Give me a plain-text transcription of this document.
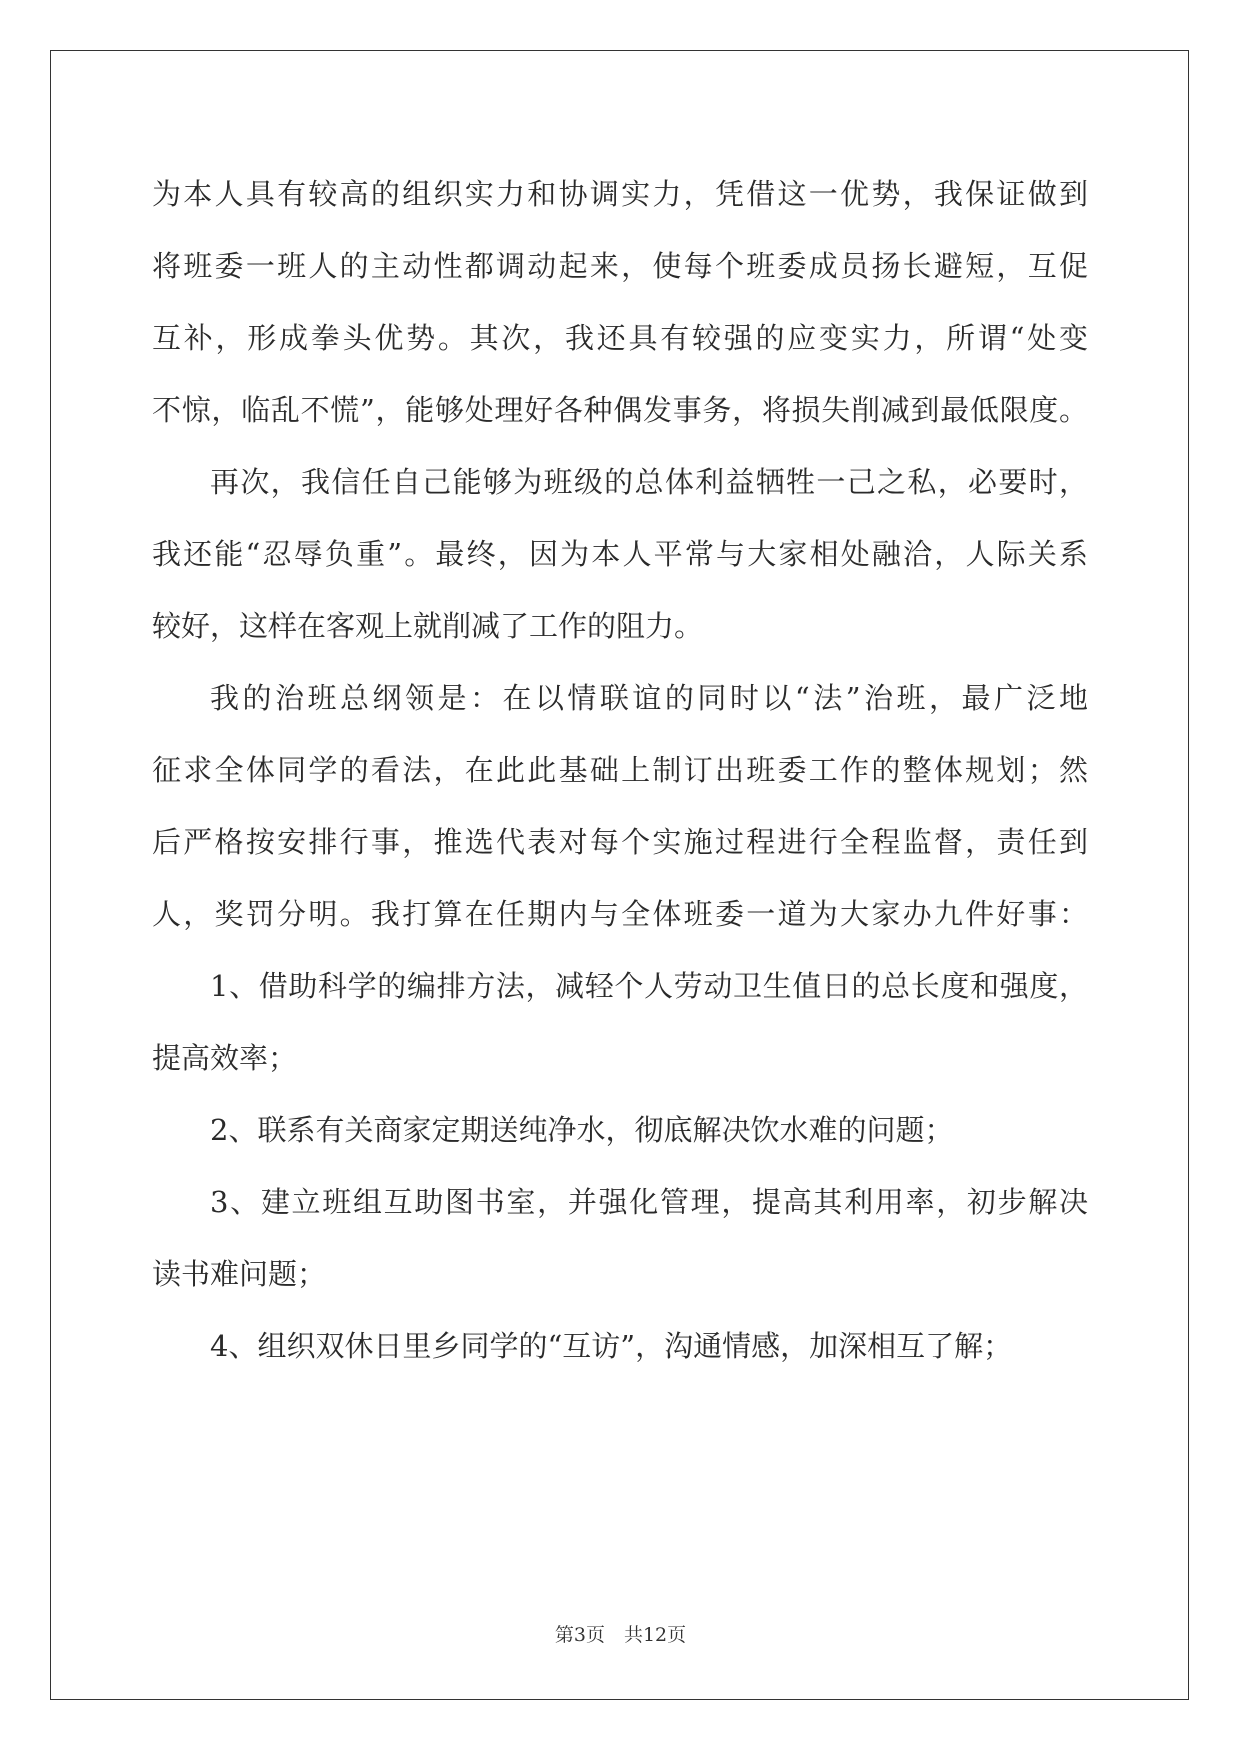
为本人具有较高的组织实力和协调实力，凭借这一优势，我保证做到
将班委一班人的主动性都调动起来，使每个班委成员扬长避短，互促
互补，形成拳头优势。其次，我还具有较强的应变实力，所谓“处变
不惊，临乱不慌”，能够处理好各种偶发事务，将损失削减到最低限度。
再次，我信任自己能够为班级的总体利益牺牲一己之私，必要时，
我还能“忍辱负重”。最终，因为本人平常与大家相处融洽，人际关系
较好，这样在客观上就削减了工作的阻力。
我的治班总纲领是：在以情联谊的同时以“法”治班，最广泛地
征求全体同学的看法，在此此基础上制订出班委工作的整体规划；然
后严格按安排行事，推选代表对每个实施过程进行全程监督，责任到
人，奖罚分明。我打算在任期内与全体班委一道为大家办九件好事：
1、借助科学的编排方法，减轻个人劳动卫生值日的总长度和强度，
提高效率；
2、联系有关商家定期送纯净水，彻底解决饮水难的问题；
3、建立班组互助图书室，并强化管理，提高其利用率，初步解决
读书难问题；
4、组织双休日里乡同学的“互访”，沟通情感，加深相互了解；
第3页　共12页
